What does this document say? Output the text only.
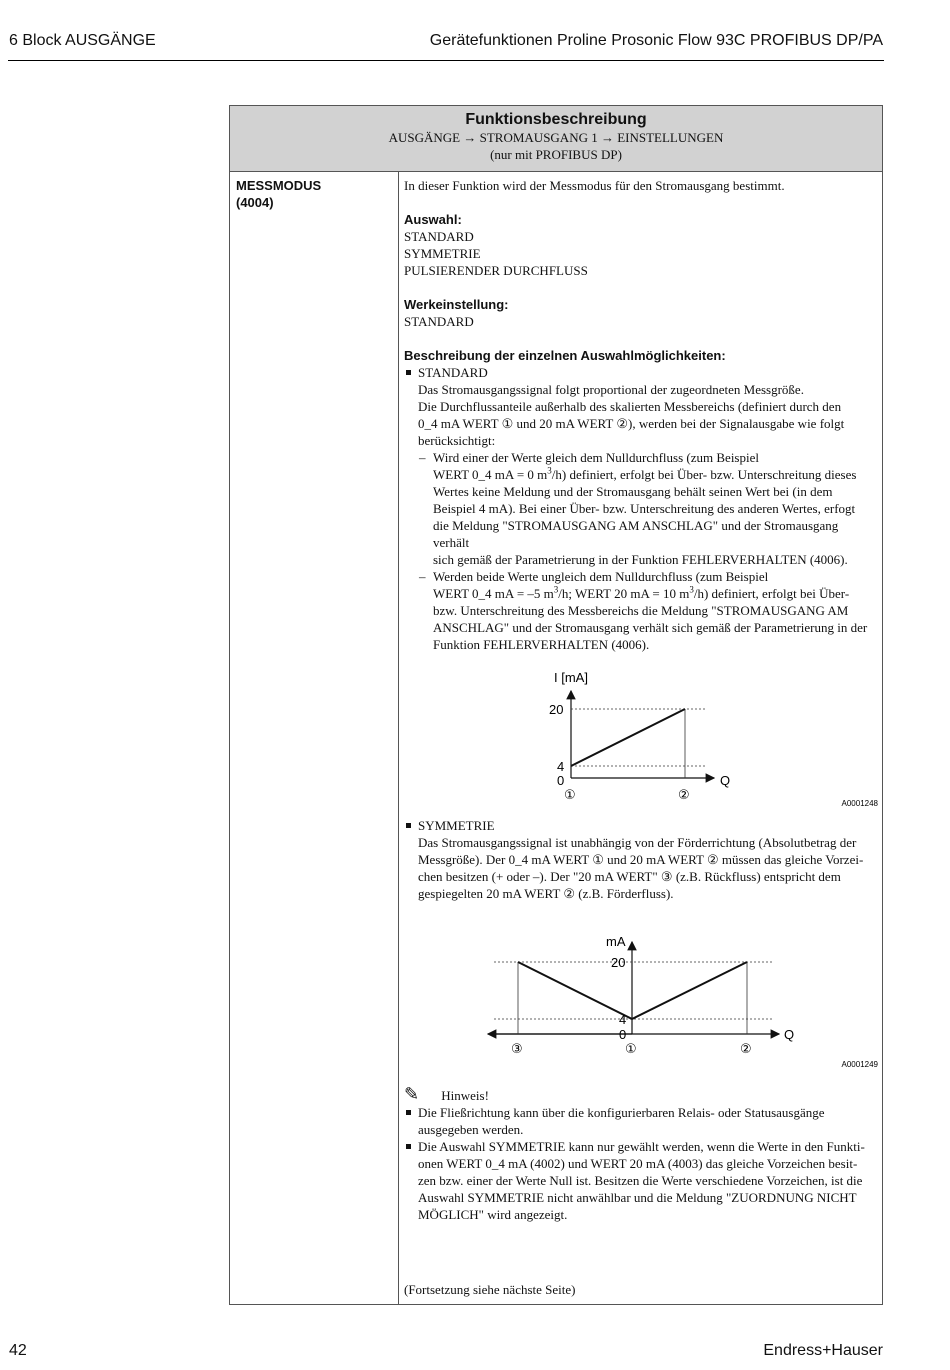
6 Block AUSGÄNGE	Gerätefunktionen Proline Prosonic Flow 93C PROFIBUS DP/PA
Funktionsbeschreibung
AUSGÄNGE → STROMAUSGANG 1 → EINSTELLUNGEN
(nur mit PROFIBUS DP)
MESSMODUS
(4004)

In dieser Funktion wird der Messmodus für den Stromausgang bestimmt.

Auswahl:

STANDARD

SYMMETRIE

PULSIERENDER DURCHFLUSS

Werkeinstellung:

STANDARD

Beschreibung der einzelnen Auswahlmöglichkeiten:

STANDARD

Das Stromausgangssignal folgt proportional der zugeordneten Messgröße.

Die Durchflussanteile außerhalb des skalierten Messbereichs (definiert durch den

0_4 mA WERT ① und 20 mA WERT ②), werden bei der Signalausgabe wie folgt

berücksichtigt:

– Wird einer der Werte gleich dem Nulldurchfluss (zum Beispiel

WERT 0_4 mA = 0 $m^3/h$) definiert, erfolgt bei Über- bzw. Unterschreitung dieses

Wertes keine Meldung und der Stromausgang behält seinen Wert bei (in dem

Beispiel 4 mA). Bei einer Über- bzw. Unterschreitung des anderen Wertes, erfogt

die Meldung "STROMAUSGANG AM ANSCHLAG" und der Stromausgang verhält

sich gemäß der Parametrierung in der Funktion FEHLERVERHALTEN (4006).

– Werden beide Werte ungleich dem Nulldurchfluss (zum Beispiel

WERT 0_4 mA = –5 $m^3/h$; WERT 20 mA = 10 $m^3/h$) definiert, erfolgt bei Über-

bzw. Unterschreitung des Messbereichs die Meldung "STROMAUSGANG AM

ANSCHLAG" und der Stromausgang verhält sich gemäß der Parametrierung in der

Funktion FEHLERVERHALTEN (4006).

I [mA]
20
4
0	Q
①	②
A0001248

SYMMETRIE

Das Stromausgangssignal ist unabhängig von der Förderrichtung (Absolutbetrag der

Messgröße). Der 0_4 mA WERT ① und 20 mA WERT ② müssen das gleiche Vorzei-

chen besitzen (+ oder –). Der "20 mA WERT" ③ (z.B. Rückfluss) entspricht dem

gespiegelten 20 mA WERT ② (z.B. Förderfluss).

mA
20
4
0	Q
③	①	②
A0001249
✎ Hinweis!

Die Fließrichtung kann über die konfigurierbaren Relais- oder Statusausgänge

ausgegeben werden.

Die Auswahl SYMMETRIE kann nur gewählt werden, wenn die Werte in den Funkti-

onen WERT 0_4 mA (4002) und WERT 20 mA (4003) das gleiche Vorzeichen besit-

zen bzw. einer der Werte Null ist. Besitzen die Werte verschiedene Vorzeichen, ist die

Auswahl SYMMETRIE nicht anwählbar und die Meldung "ZUORDNUNG NICHT

MÖGLICH" wird angezeigt.

(Fortsetzung siehe nächste Seite)

42	Endress+Hauser
